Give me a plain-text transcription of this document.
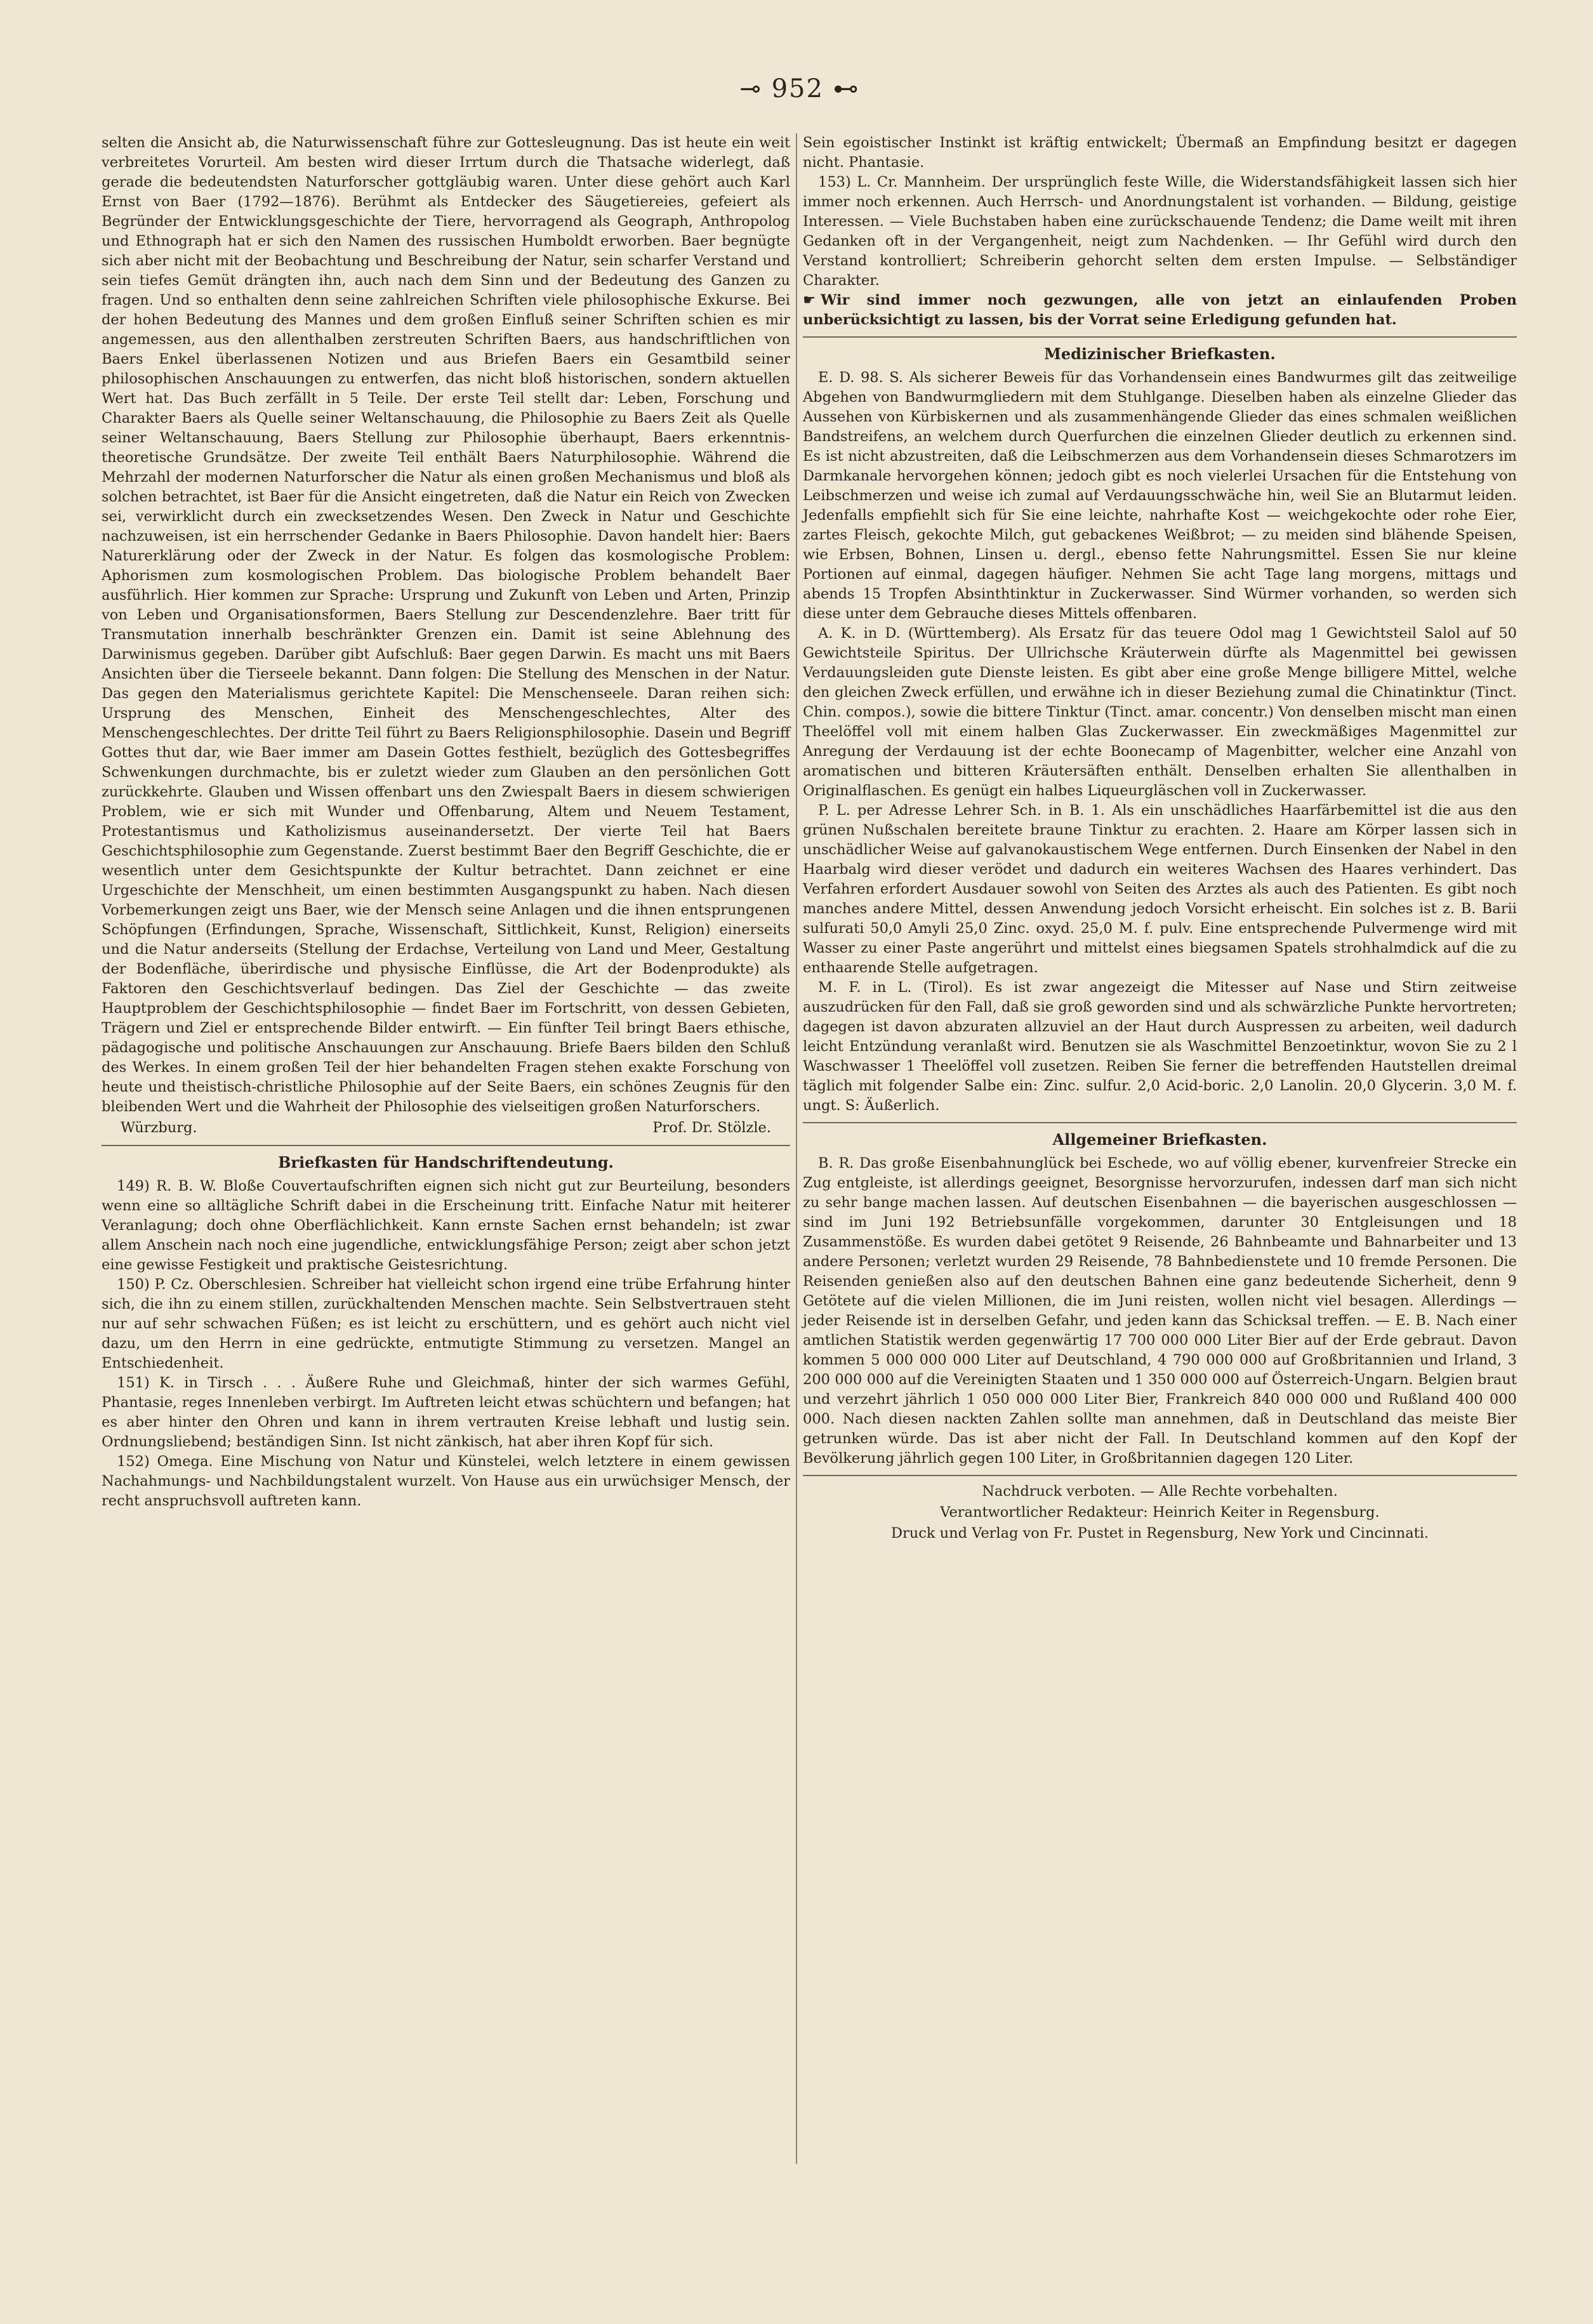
⊸ 952 ⊷

selten die Ansicht ab, die Naturwissenschaft führe zur Gottesleugnung. Das ist heute ein weit verbreitetes Vorurteil. Am besten wird dieser Irrtum durch die Thatsache widerlegt, daß gerade die bedeutendsten Naturforscher gottgläubig waren. Unter diese gehört auch Karl Ernst von Baer (1792—1876). Berühmt als Entdecker des Säugetiereies, gefeiert als Begründer der Entwicklungsgeschichte der Tiere, hervorragend als Geograph, Anthropolog und Ethnograph hat er sich den Namen des russischen Humboldt erworben. Baer begnügte sich aber nicht mit der Beobachtung und Beschreibung der Natur, sein scharfer Verstand und sein tiefes Gemüt drängten ihn, auch nach dem Sinn und der Bedeutung des Ganzen zu fragen. Und so enthalten denn seine zahlreichen Schriften viele philosophische Exkurse. Bei der hohen Bedeutung des Mannes und dem großen Einfluß seiner Schriften schien es mir angemessen, aus den allenthalben zerstreuten Schriften Baers, aus handschriftlichen von Baers Enkel überlassenen Notizen und aus Briefen Baers ein Gesamtbild seiner philosophischen Anschauungen zu entwerfen, das nicht bloß historischen, sondern aktuellen Wert hat. Das Buch zerfällt in 5 Teile. Der erste Teil stellt dar: Leben, Forschung und Charakter Baers als Quelle seiner Weltanschauung, die Philosophie zu Baers Zeit als Quelle seiner Weltanschauung, Baers Stellung zur Philosophie überhaupt, Baers erkenntnis-theoretische Grundsätze. Der zweite Teil enthält Baers Naturphilosophie. Während die Mehrzahl der modernen Naturforscher die Natur als einen großen Mechanismus und bloß als solchen betrachtet, ist Baer für die Ansicht eingetreten, daß die Natur ein Reich von Zwecken sei, verwirklicht durch ein zwecksetzendes Wesen. Den Zweck in Natur und Geschichte nachzuweisen, ist ein herrschender Gedanke in Baers Philosophie. Davon handelt hier: Baers Naturerklärung oder der Zweck in der Natur. Es folgen das kosmologische Problem: Aphorismen zum kosmologischen Problem. Das biologische Problem behandelt Baer ausführlich. Hier kommen zur Sprache: Ursprung und Zukunft von Leben und Arten, Prinzip von Leben und Organisationsformen, Baers Stellung zur Descendenzlehre. Baer tritt für Transmutation innerhalb beschränkter Grenzen ein. Damit ist seine Ablehnung des Darwinismus gegeben. Darüber gibt Aufschluß: Baer gegen Darwin. Es macht uns mit Baers Ansichten über die Tierseele bekannt. Dann folgen: Die Stellung des Menschen in der Natur. Das gegen den Materialismus gerichtete Kapitel: Die Menschenseele. Daran reihen sich: Ursprung des Menschen, Einheit des Menschengeschlechtes, Alter des Menschengeschlechtes. Der dritte Teil führt zu Baers Religionsphilosophie. Dasein und Begriff Gottes thut dar, wie Baer immer am Dasein Gottes festhielt, bezüglich des Gottesbegriffes Schwenkungen durchmachte, bis er zuletzt wieder zum Glauben an den persönlichen Gott zurückkehrte. Glauben und Wissen offenbart uns den Zwiespalt Baers in diesem schwierigen Problem, wie er sich mit Wunder und Offenbarung, Altem und Neuem Testament, Protestantismus und Katholizismus auseinandersetzt. Der vierte Teil hat Baers Geschichtsphilosophie zum Gegenstande. Zuerst bestimmt Baer den Begriff Geschichte, die er wesentlich unter dem Gesichtspunkte der Kultur betrachtet. Dann zeichnet er eine Urgeschichte der Menschheit, um einen bestimmten Ausgangspunkt zu haben. Nach diesen Vorbemerkungen zeigt uns Baer, wie der Mensch seine Anlagen und die ihnen entsprungenen Schöpfungen (Erfindungen, Sprache, Wissenschaft, Sittlichkeit, Kunst, Religion) einerseits und die Natur anderseits (Stellung der Erdachse, Verteilung von Land und Meer, Gestaltung der Bodenfläche, überirdische und physische Einflüsse, die Art der Bodenprodukte) als Faktoren den Geschichtsverlauf bedingen. Das Ziel der Geschichte — das zweite Hauptproblem der Geschichtsphilosophie — findet Baer im Fortschritt, von dessen Gebieten, Trägern und Ziel er entsprechende Bilder entwirft. — Ein fünfter Teil bringt Baers ethische, pädagogische und politische Anschauungen zur Anschauung. Briefe Baers bilden den Schluß des Werkes. In einem großen Teil der hier behandelten Fragen stehen exakte Forschung von heute und theistisch-christliche Philosophie auf der Seite Baers, ein schönes Zeugnis für den bleibenden Wert und die Wahrheit der Philosophie des vielseitigen großen Naturforschers.

Würzburg.	Prof. Dr. Stölzle.
Briefkasten für Handschriftendeutung.

149) R. B. W. Bloße Couvertaufschriften eignen sich nicht gut zur Beurteilung, besonders wenn eine so alltägliche Schrift dabei in die Erscheinung tritt. Einfache Natur mit heiterer Veranlagung; doch ohne Oberflächlichkeit. Kann ernste Sachen ernst behandeln; ist zwar allem Anschein nach noch eine jugendliche, entwicklungsfähige Person; zeigt aber schon jetzt eine gewisse Festigkeit und praktische Geistesrichtung.

150) P. Cz. Oberschlesien. Schreiber hat vielleicht schon irgend eine trübe Erfahrung hinter sich, die ihn zu einem stillen, zurückhaltenden Menschen machte. Sein Selbstvertrauen steht nur auf sehr schwachen Füßen; es ist leicht zu erschüttern, und es gehört auch nicht viel dazu, um den Herrn in eine gedrückte, entmutigte Stimmung zu versetzen. Mangel an Entschiedenheit.

151) K. in Tirsch . . . Äußere Ruhe und Gleichmaß, hinter der sich warmes Gefühl, Phantasie, reges Innenleben verbirgt. Im Auftreten leicht etwas schüchtern und befangen; hat es aber hinter den Ohren und kann in ihrem vertrauten Kreise lebhaft und lustig sein. Ordnungsliebend; beständigen Sinn. Ist nicht zänkisch, hat aber ihren Kopf für sich.

152) Omega. Eine Mischung von Natur und Künstelei, welch letztere in einem gewissen Nachahmungs- und Nachbildungstalent wurzelt. Von Hause aus ein urwüchsiger Mensch, der recht anspruchsvoll auftreten kann.

Sein egoistischer Instinkt ist kräftig entwickelt; Übermaß an Empfindung besitzt er dagegen nicht. Phantasie.

153) L. Cr. Mannheim. Der ursprünglich feste Wille, die Widerstandsfähigkeit lassen sich hier immer noch erkennen. Auch Herrsch- und Anordnungstalent ist vorhanden. — Bildung, geistige Interessen. — Viele Buchstaben haben eine zurückschauende Tendenz; die Dame weilt mit ihren Gedanken oft in der Vergangenheit, neigt zum Nachdenken. — Ihr Gefühl wird durch den Verstand kontrolliert; Schreiberin gehorcht selten dem ersten Impulse. — Selbständiger Charakter.

☛ Wir sind immer noch gezwungen, alle von jetzt an einlaufenden Proben unberücksichtigt zu lassen, bis der Vorrat seine Erledigung gefunden hat.

Medizinischer Briefkasten.

E. D. 98. S. Als sicherer Beweis für das Vorhandensein eines Bandwurmes gilt das zeitweilige Abgehen von Bandwurmgliedern mit dem Stuhlgange. Dieselben haben als einzelne Glieder das Aussehen von Kürbiskernen und als zusammenhängende Glieder das eines schmalen weißlichen Bandstreifens, an welchem durch Querfurchen die einzelnen Glieder deutlich zu erkennen sind. Es ist nicht abzustreiten, daß die Leibschmerzen aus dem Vorhandensein dieses Schmarotzers im Darmkanale hervorgehen können; jedoch gibt es noch vielerlei Ursachen für die Entstehung von Leibschmerzen und weise ich zumal auf Verdauungsschwäche hin, weil Sie an Blutarmut leiden. Jedenfalls empfiehlt sich für Sie eine leichte, nahrhafte Kost — weichgekochte oder rohe Eier, zartes Fleisch, gekochte Milch, gut gebackenes Weißbrot; — zu meiden sind blähende Speisen, wie Erbsen, Bohnen, Linsen u. dergl., ebenso fette Nahrungsmittel. Essen Sie nur kleine Portionen auf einmal, dagegen häufiger. Nehmen Sie acht Tage lang morgens, mittags und abends 15 Tropfen Absinthtinktur in Zuckerwasser. Sind Würmer vorhanden, so werden sich diese unter dem Gebrauche dieses Mittels offenbaren.

A. K. in D. (Württemberg). Als Ersatz für das teuere Odol mag 1 Gewichtsteil Salol auf 50 Gewichtsteile Spiritus. Der Ullrichsche Kräuterwein dürfte als Magenmittel bei gewissen Verdauungsleiden gute Dienste leisten. Es gibt aber eine große Menge billigere Mittel, welche den gleichen Zweck erfüllen, und erwähne ich in dieser Beziehung zumal die Chinatinktur (Tinct. Chin. compos.), sowie die bittere Tinktur (Tinct. amar. concentr.) Von denselben mischt man einen Theelöffel voll mit einem halben Glas Zuckerwasser. Ein zweckmäßiges Magenmittel zur Anregung der Verdauung ist der echte Boonecamp of Magenbitter, welcher eine Anzahl von aromatischen und bitteren Kräutersäften enthält. Denselben erhalten Sie allenthalben in Originalflaschen. Es genügt ein halbes Liqueurgläschen voll in Zuckerwasser.

P. L. per Adresse Lehrer Sch. in B. 1. Als ein unschädliches Haarfärbemittel ist die aus den grünen Nußschalen bereitete braune Tinktur zu erachten. 2. Haare am Körper lassen sich in unschädlicher Weise auf galvanokaustischem Wege entfernen. Durch Einsenken der Nabel in den Haarbalg wird dieser verödet und dadurch ein weiteres Wachsen des Haares verhindert. Das Verfahren erfordert Ausdauer sowohl von Seiten des Arztes als auch des Patienten. Es gibt noch manches andere Mittel, dessen Anwendung jedoch Vorsicht erheischt. Ein solches ist z. B. Barii sulfurati 50,0 Amyli 25,0 Zinc. oxyd. 25,0 M. f. pulv. Eine entsprechende Pulvermenge wird mit Wasser zu einer Paste angerührt und mittelst eines biegsamen Spatels strohhalmdick auf die zu enthaarende Stelle aufgetragen.

M. F. in L. (Tirol). Es ist zwar angezeigt die Mitesser auf Nase und Stirn zeitweise auszudrücken für den Fall, daß sie groß geworden sind und als schwärzliche Punkte hervortreten; dagegen ist davon abzuraten allzuviel an der Haut durch Auspressen zu arbeiten, weil dadurch leicht Entzündung veranlaßt wird. Benutzen sie als Waschmittel Benzoetinktur, wovon Sie zu 2 l Waschwasser 1 Theelöffel voll zusetzen. Reiben Sie ferner die betreffenden Hautstellen dreimal täglich mit folgender Salbe ein: Zinc. sulfur. 2,0 Acid-boric. 2,0 Lanolin. 20,0 Glycerin. 3,0 M. f. ungt. S: Äußerlich.

Allgemeiner Briefkasten.

B. R. Das große Eisenbahnunglück bei Eschede, wo auf völlig ebener, kurvenfreier Strecke ein Zug entgleiste, ist allerdings geeignet, Besorgnisse hervorzurufen, indessen darf man sich nicht zu sehr bange machen lassen. Auf deutschen Eisenbahnen — die bayerischen ausgeschlossen — sind im Juni 192 Betriebsunfälle vorgekommen, darunter 30 Entgleisungen und 18 Zusammenstöße. Es wurden dabei getötet 9 Reisende, 26 Bahnbeamte und Bahnarbeiter und 13 andere Personen; verletzt wurden 29 Reisende, 78 Bahnbedienstete und 10 fremde Personen. Die Reisenden genießen also auf den deutschen Bahnen eine ganz bedeutende Sicherheit, denn 9 Getötete auf die vielen Millionen, die im Juni reisten, wollen nicht viel besagen. Allerdings — jeder Reisende ist in derselben Gefahr, und jeden kann das Schicksal treffen. — E. B. Nach einer amtlichen Statistik werden gegenwärtig 17 700 000 000 Liter Bier auf der Erde gebraut. Davon kommen 5 000 000 000 Liter auf Deutschland, 4 790 000 000 auf Großbritannien und Irland, 3 200 000 000 auf die Vereinigten Staaten und 1 350 000 000 auf Österreich-Ungarn. Belgien braut und verzehrt jährlich 1 050 000 000 Liter Bier, Frankreich 840 000 000 und Rußland 400 000 000. Nach diesen nackten Zahlen sollte man annehmen, daß in Deutschland das meiste Bier getrunken würde. Das ist aber nicht der Fall. In Deutschland kommen auf den Kopf der Bevölkerung jährlich gegen 100 Liter, in Großbritannien dagegen 120 Liter.

Nachdruck verboten. — Alle Rechte vorbehalten.
Verantwortlicher Redakteur: Heinrich Keiter in Regensburg.
Druck und Verlag von Fr. Pustet in Regensburg, New York und Cincinnati.
